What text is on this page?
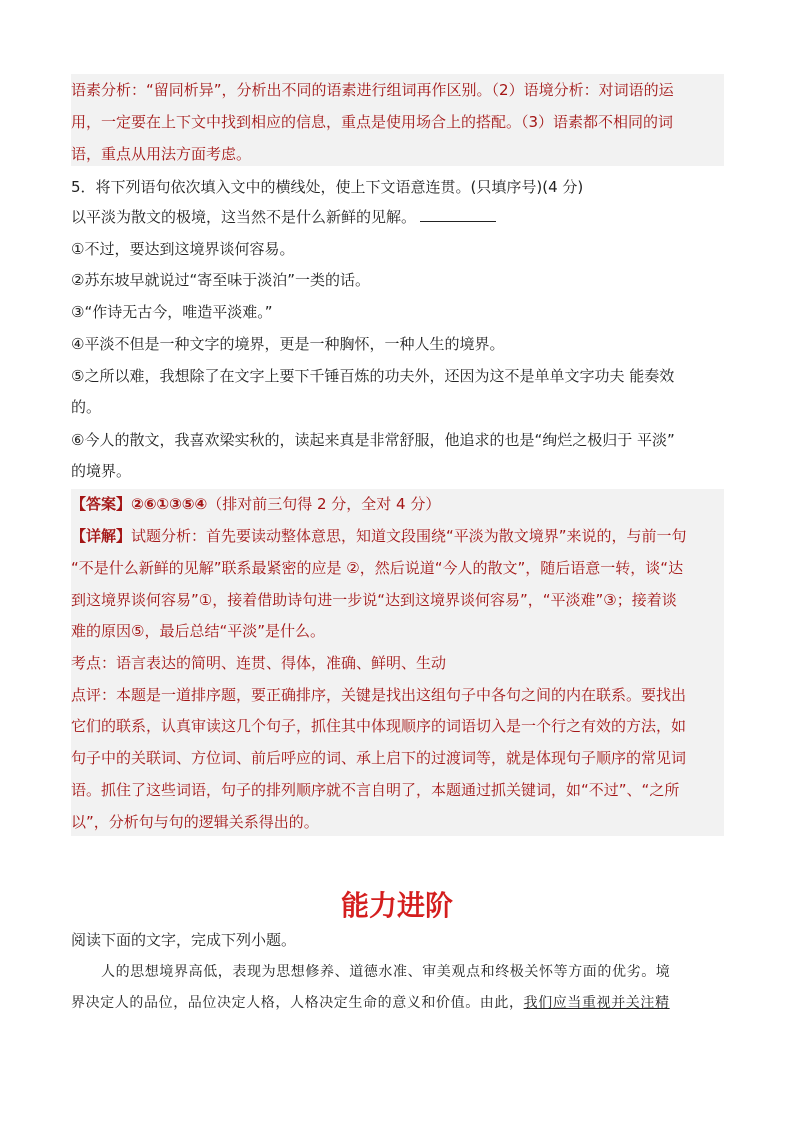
语素分析：“留同析异”，分析出不同的语素进行组词再作区别。（2）语境分析：对词语的运
用，一定要在上下文中找到相应的信息，重点是使用场合上的搭配。（3）语素都不相同的词
语，重点从用法方面考虑。
5．将下列语句依次填入文中的横线处，使上下文语意连贯。(只填序号)(4 分)
以平淡为散文的极境，这当然不是什么新鲜的见解。
①不过，要达到这境界谈何容易。
②苏东坡早就说过“寄至味于淡泊”一类的话。
③“作诗无古今，唯造平淡难。”
④平淡不但是一种文字的境界，更是一种胸怀，一种人生的境界。
⑤之所以难，我想除了在文字上要下千锤百炼的功夫外，还因为这不是单单文字功夫 能奏效
的。
⑥今人的散文，我喜欢梁实秋的，读起来真是非常舒服，他追求的也是“绚烂之极归于 平淡”
的境界。
【答案】②⑥①③⑤④（排对前三句得 2 分，全对 4 分）
【详解】试题分析：首先要读动整体意思，知道文段围绕“平淡为散文境界”来说的，与前一句
“不是什么新鲜的见解”联系最紧密的应是 ②，然后说道“今人的散文”，随后语意一转，谈“达
到这境界谈何容易”①，接着借助诗句进一步说“达到这境界谈何容易”，“平淡难”③；接着谈
难的原因⑤，最后总结“平淡”是什么。
考点：语言表达的简明、连贯、得体，准确、鲜明、生动
点评：本题是一道排序题，要正确排序，关键是找出这组句子中各句之间的内在联系。要找出
它们的联系，认真审读这几个句子，抓住其中体现顺序的词语切入是一个行之有效的方法，如
句子中的关联词、方位词、前后呼应的词、承上启下的过渡词等，就是体现句子顺序的常见词
语。抓住了这些词语，句子的排列顺序就不言自明了，本题通过抓关键词，如“不过”、“之所
以”，分析句与句的逻辑关系得出的。
能力进阶
阅读下面的文字，完成下列小题。
人的思想境界高低，表现为思想修养、道德水准、审美观点和终极关怀等方面的优劣。境
界决定人的品位，品位决定人格，人格决定生命的意义和价值。由此，我们应当重视并关注精
